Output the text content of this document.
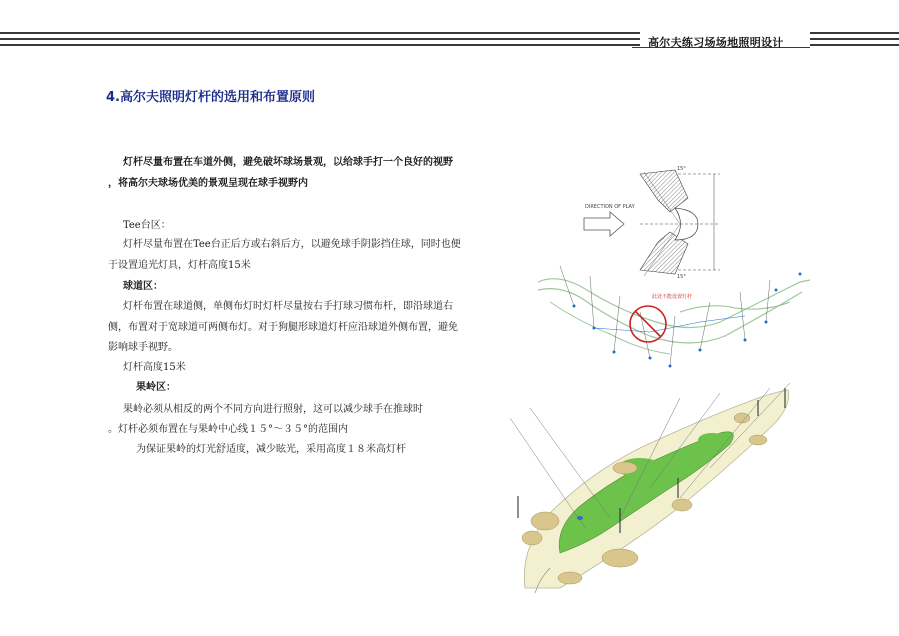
高尔夫练习场场地照明设计
4.高尔夫照明灯杆的选用和布置原则
灯杆尽量布置在车道外侧，避免破坏球场景观，以给球手打一个良好的视野
，将高尔夫球场优美的景观呈现在球手视野内
Tee台区：
灯杆尽量布置在Tee台正后方或右斜后方，以避免球手阴影挡住球，同时也便
于设置追光灯具，灯杆高度15米
球道区：
灯杆布置在球道侧，单侧布灯时灯杆尽量按右手打球习惯布杆，即沿球道右
侧，布置对于宽球道可两侧布灯。对于狗腿形球道灯杆应沿球道外侧布置，避免
影响球手视野。
灯杆高度15米
果岭区：
果岭必须从相反的两个不同方向进行照射，这可以减少球手在推球时
。灯杆必须布置在与果岭中心线１５°～３５°的范围内
为保证果岭的灯光舒适度，减少眩光，采用高度１８米高灯杆
DIRECTION OF PLAY
15°
15°
此处不能设置灯杆
